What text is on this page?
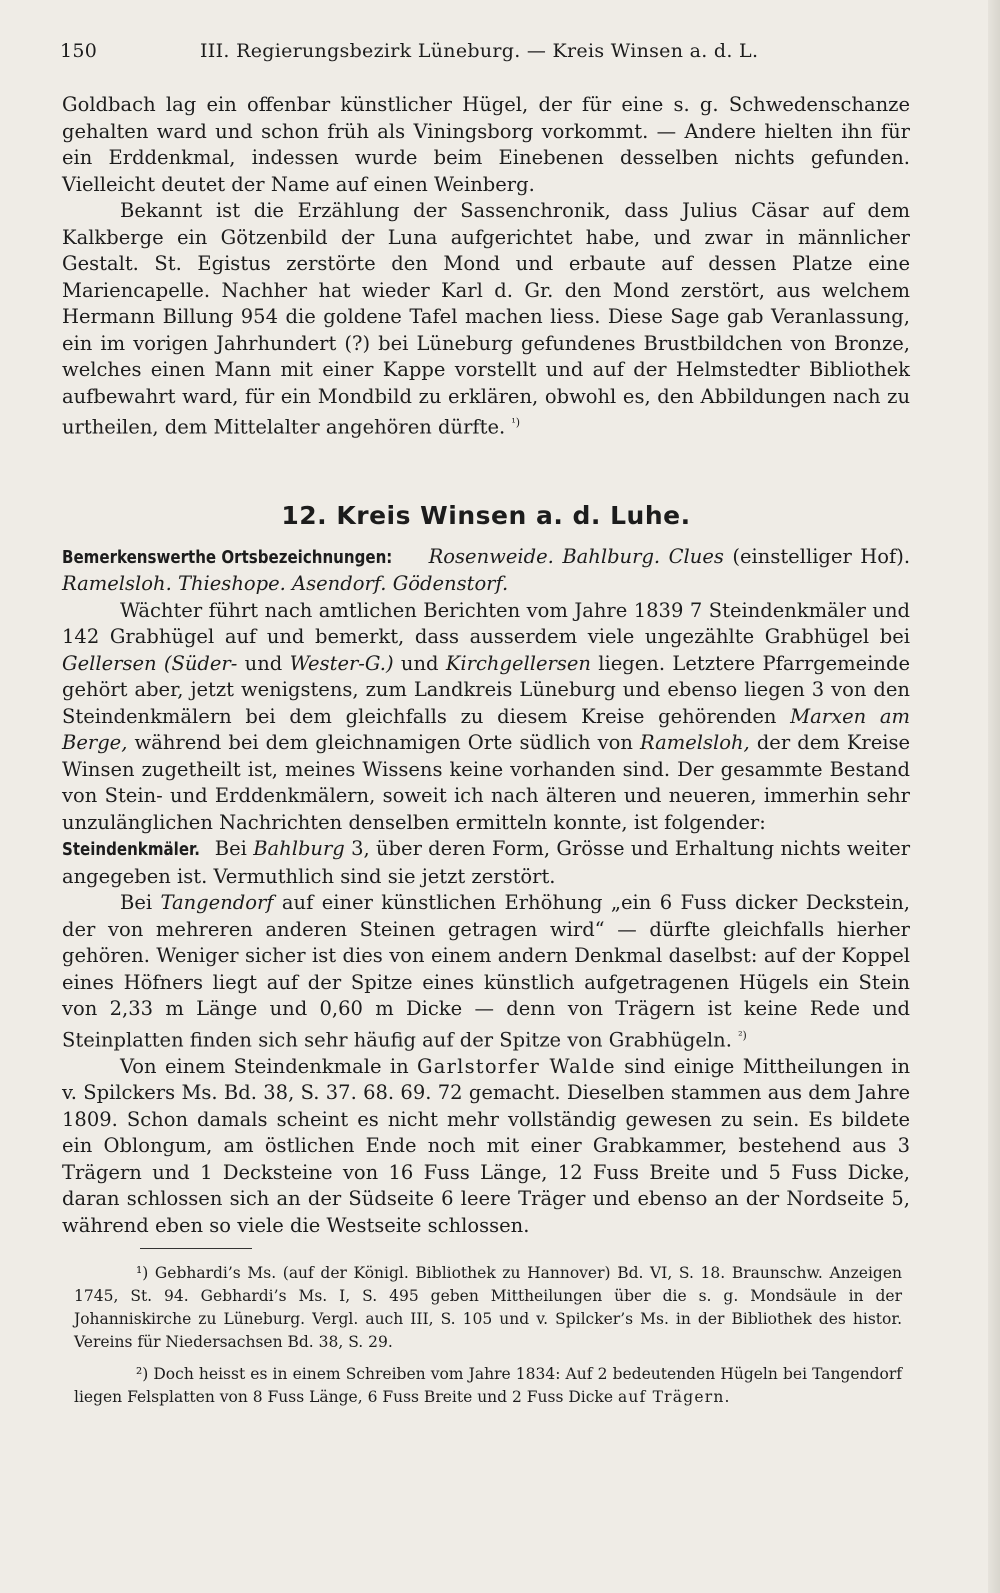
150	III. Regierungsbezirk Lüneburg. — Kreis Winsen a. d. L.

Goldbach lag ein offenbar künstlicher Hügel, der für eine s. g. Schwedenschanze gehalten ward und schon früh als Viningsborg vorkommt. — Andere hielten ihn für ein Erddenkmal, indessen wurde beim Einebenen desselben nichts gefunden. Vielleicht deutet der Name auf einen Weinberg.

Bekannt ist die Erzählung der Sassenchronik, dass Julius Cäsar auf dem Kalkberge ein Götzenbild der Luna aufgerichtet habe, und zwar in männlicher Gestalt. St. Egistus zerstörte den Mond und erbaute auf dessen Platze eine Mariencapelle. Nachher hat wieder Karl d. Gr. den Mond zerstört, aus welchem Hermann Billung 954 die goldene Tafel machen liess. Diese Sage gab Veranlassung, ein im vorigen Jahrhundert (?) bei Lüneburg gefundenes Brustbildchen von Bronze, welches einen Mann mit einer Kappe vorstellt und auf der Helmstedter Bibliothek aufbewahrt ward, für ein Mondbild zu erklären, obwohl es, den Abbildungen nach zu urtheilen, dem Mittelalter angehören dürfte. $^{^1)}$

12. Kreis Winsen a. d. Luhe.

Bemerkenswerthe Ortsbezeichnungen: Rosenweide. Bahlburg. Clues (einstelliger Hof). Ramelsloh. Thieshope. Asendorf. Gödenstorf.

Wächter führt nach amtlichen Berichten vom Jahre 1839 7 Steindenkmäler und 142 Grabhügel auf und bemerkt, dass ausserdem viele ungezählte Grabhügel bei Gellersen (Süder- und Wester-G.) und Kirchgellersen liegen. Letztere Pfarrgemeinde gehört aber, jetzt wenigstens, zum Landkreis Lüneburg und ebenso liegen 3 von den Steindenkmälern bei dem gleichfalls zu diesem Kreise gehörenden Marxen am Berge, während bei dem gleichnamigen Orte südlich von Ramelsloh, der dem Kreise Winsen zugetheilt ist, meines Wissens keine vorhanden sind. Der gesammte Bestand von Stein- und Erddenkmälern, soweit ich nach älteren und neueren, immerhin sehr unzulänglichen Nachrichten denselben ermitteln konnte, ist folgender:

Steindenkmäler. Bei Bahlburg 3, über deren Form, Grösse und Erhaltung nichts weiter angegeben ist. Vermuthlich sind sie jetzt zerstört.

Bei Tangendorf auf einer künstlichen Erhöhung „ein 6 Fuss dicker Deckstein, der von mehreren anderen Steinen getragen wird“ — dürfte gleichfalls hierher gehören. Weniger sicher ist dies von einem andern Denkmal daselbst: auf der Koppel eines Höfners liegt auf der Spitze eines künstlich aufgetragenen Hügels ein Stein von 2,33 m Länge und 0,60 m Dicke — denn von Trägern ist keine Rede und Steinplatten finden sich sehr häufig auf der Spitze von Grabhügeln. $^{^2)}$

Von einem Steindenkmale in Garlstorfer Walde sind einige Mittheilungen in v. Spilckers Ms. Bd. 38, S. 37. 68. 69. 72 gemacht. Dieselben stammen aus dem Jahre 1809. Schon damals scheint es nicht mehr vollständig gewesen zu sein. Es bildete ein Oblongum, am östlichen Ende noch mit einer Grabkammer, bestehend aus 3 Trägern und 1 Decksteine von 16 Fuss Länge, 12 Fuss Breite und 5 Fuss Dicke, daran schlossen sich an der Südseite 6 leere Träger und ebenso an der Nordseite 5, während eben so viele die Westseite schlossen.

¹) Gebhardi’s Ms. (auf der Königl. Bibliothek zu Hannover) Bd. VI, S. 18. Braunschw. Anzeigen 1745, St. 94. Gebhardi’s Ms. I, S. 495 geben Mittheilungen über die s. g. Mondsäule in der Johanniskirche zu Lüneburg. Vergl. auch III, S. 105 und v. Spilcker’s Ms. in der Bibliothek des histor. Vereins für Niedersachsen Bd. 38, S. 29.

²) Doch heisst es in einem Schreiben vom Jahre 1834: Auf 2 bedeutenden Hügeln bei Tangendorf liegen Felsplatten von 8 Fuss Länge, 6 Fuss Breite und 2 Fuss Dicke auf Trägern.
